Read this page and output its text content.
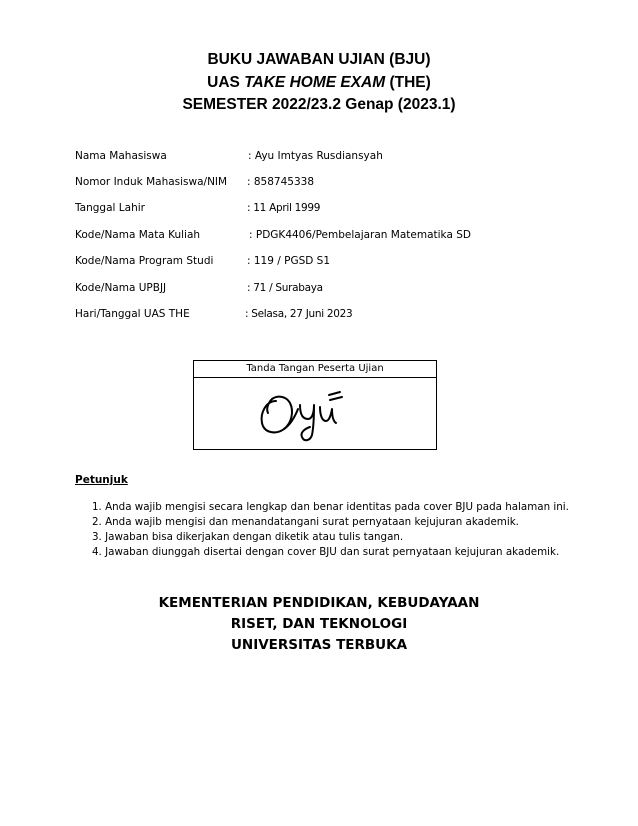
BUKU JAWABAN UJIAN (BJU)
UAS TAKE HOME EXAM (THE)
SEMESTER 2022/23.2 Genap (2023.1)
Nama Mahasiswa	: Ayu Imtyas Rusdiansyah
Nomor Induk Mahasiswa/NIM : 858745338
Tanggal Lahir	: 11 April 1999
Kode/Nama Mata Kuliah	: PDGK4406/Pembelajaran Matematika SD
Kode/Nama Program Studi	: 119 / PGSD S1
Kode/Nama UPBJJ	: 71 / Surabaya
Hari/Tanggal UAS THE	: Selasa, 27 Juni 2023
Tanda Tangan Peserta Ujian
Petunjuk
1. Anda wajib mengisi secara lengkap dan benar identitas pada cover BJU pada halaman ini.
2. Anda wajib mengisi dan menandatangani surat pernyataan kejujuran akademik.
3. Jawaban bisa dikerjakan dengan diketik atau tulis tangan.
4. Jawaban diunggah disertai dengan cover BJU dan surat pernyataan kejujuran akademik.
KEMENTERIAN PENDIDIKAN, KEBUDAYAAN
RISET, DAN TEKNOLOGI
UNIVERSITAS TERBUKA
